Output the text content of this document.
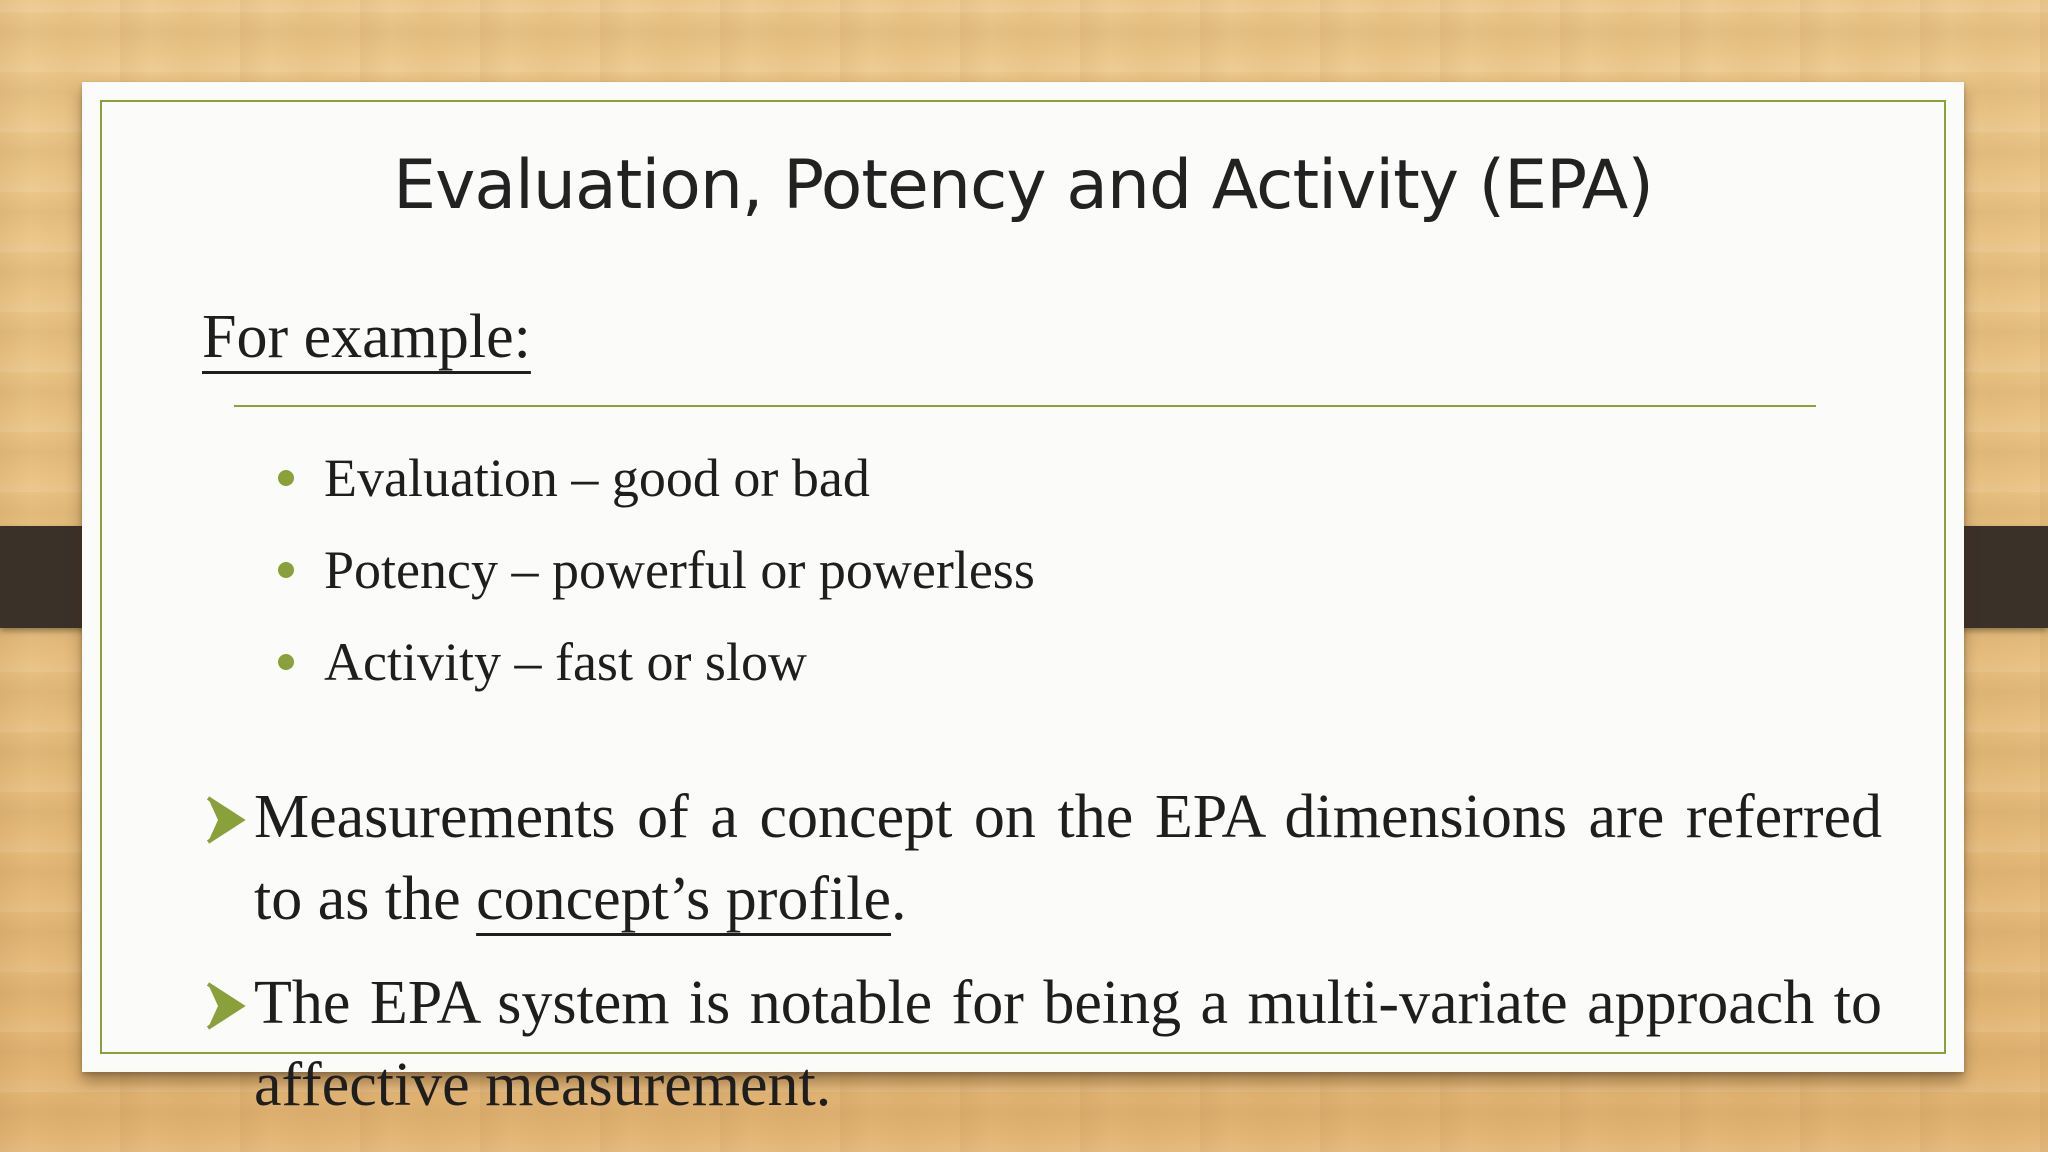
Evaluation, Potency and Activity (EPA)
For example:
Evaluation – good or bad
Potency – powerful or powerless
Activity – fast or slow
Measurements of a concept on the EPA dimensions are referred to as the concept’s profile.
The EPA system is notable for being a multi-variate approach to affective measurement.
